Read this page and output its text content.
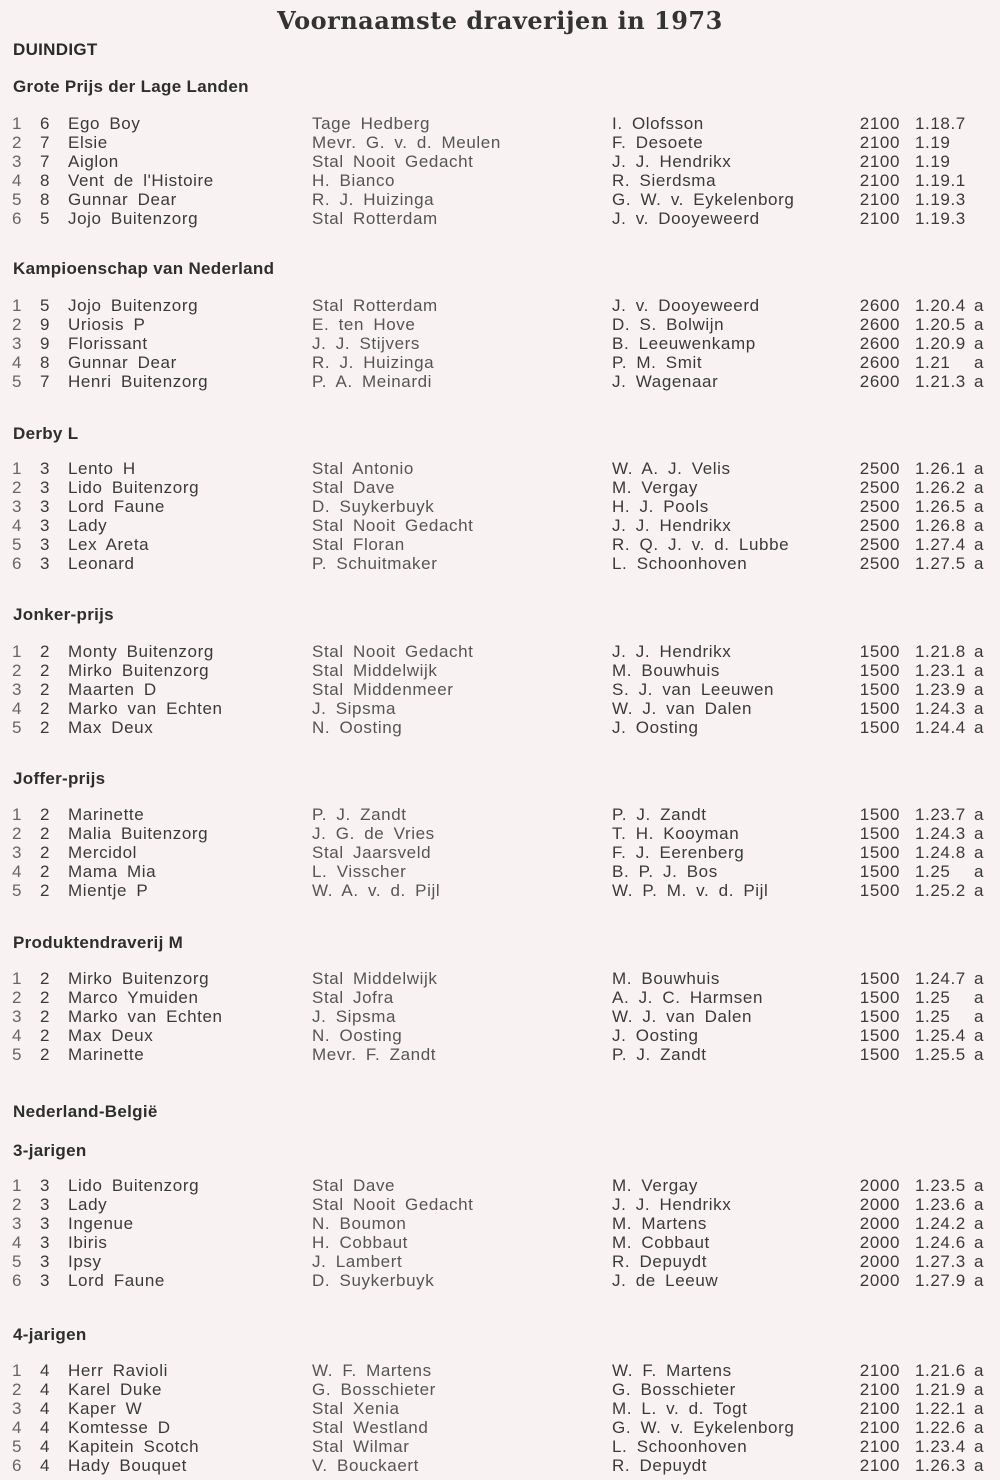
Voornaamste draverijen in 1973
DUINDIGT
Grote Prijs der Lage Landen
1 6 Ego Boy	Tage Hedberg	I. Olofsson	2100 1.18.7
2 7 Elsie	Mevr. G. v. d. Meulen	F. Desoete	2100 1.19
3 7 Aiglon	Stal Nooit Gedacht	J. J. Hendrikx	2100 1.19
4 8 Vent de l'Histoire	H. Bianco	R. Sierdsma	2100 1.19.1
5 8 Gunnar Dear	R. J. Huizinga	G. W. v. Eykelenborg	2100 1.19.3
6 5 Jojo Buitenzorg	Stal Rotterdam	J. v. Dooyeweerd	2100 1.19.3
Kampioenschap van Nederland
1 5 Jojo Buitenzorg	Stal Rotterdam	J. v. Dooyeweerd	2600 1.20.4 a
2 9 Uriosis P	E. ten Hove	D. S. Bolwijn	2600 1.20.5 a
3 9 Florissant	J. J. Stijvers	B. Leeuwenkamp	2600 1.20.9 a
4 8 Gunnar Dear	R. J. Huizinga	P. M. Smit	2600 1.21 a
5 7 Henri Buitenzorg	P. A. Meinardi	J. Wagenaar	2600 1.21.3 a
Derby L
1 3 Lento H	Stal Antonio	W. A. J. Velis	2500 1.26.1 a
2 3 Lido Buitenzorg	Stal Dave	M. Vergay	2500 1.26.2 a
3 3 Lord Faune	D. Suykerbuyk	H. J. Pools	2500 1.26.5 a
4 3 Lady	Stal Nooit Gedacht	J. J. Hendrikx	2500 1.26.8 a
5 3 Lex Areta	Stal Floran	R. Q. J. v. d. Lubbe	2500 1.27.4 a
6 3 Leonard	P. Schuitmaker	L. Schoonhoven	2500 1.27.5 a
Jonker-prijs
1 2 Monty Buitenzorg	Stal Nooit Gedacht	J. J. Hendrikx	1500 1.21.8 a
2 2 Mirko Buitenzorg	Stal Middelwijk	M. Bouwhuis	1500 1.23.1 a
3 2 Maarten D	Stal Middenmeer	S. J. van Leeuwen	1500 1.23.9 a
4 2 Marko van Echten	J. Sipsma	W. J. van Dalen	1500 1.24.3 a
5 2 Max Deux	N. Oosting	J. Oosting	1500 1.24.4 a
Joffer-prijs
1 2 Marinette	P. J. Zandt	P. J. Zandt	1500 1.23.7 a
2 2 Malia Buitenzorg	J. G. de Vries	T. H. Kooyman	1500 1.24.3 a
3 2 Mercidol	Stal Jaarsveld	F. J. Eerenberg	1500 1.24.8 a
4 2 Mama Mia	L. Visscher	B. P. J. Bos	1500 1.25 a
5 2 Mientje P	W. A. v. d. Pijl	W. P. M. v. d. Pijl	1500 1.25.2 a
Produktendraverij M
1 2 Mirko Buitenzorg	Stal Middelwijk	M. Bouwhuis	1500 1.24.7 a
2 2 Marco Ymuiden	Stal Jofra	A. J. C. Harmsen	1500 1.25 a
3 2 Marko van Echten	J. Sipsma	W. J. van Dalen	1500 1.25 a
4 2 Max Deux	N. Oosting	J. Oosting	1500 1.25.4 a
5 2 Marinette	Mevr. F. Zandt	P. J. Zandt	1500 1.25.5 a
Nederland-België
3-jarigen
1 3 Lido Buitenzorg	Stal Dave	M. Vergay	2000 1.23.5 a
2 3 Lady	Stal Nooit Gedacht	J. J. Hendrikx	2000 1.23.6 a
3 3 Ingenue	N. Boumon	M. Martens	2000 1.24.2 a
4 3 Ibiris	H. Cobbaut	M. Cobbaut	2000 1.24.6 a
5 3 Ipsy	J. Lambert	R. Depuydt	2000 1.27.3 a
6 3 Lord Faune	D. Suykerbuyk	J. de Leeuw	2000 1.27.9 a
4-jarigen
1 4 Herr Ravioli	W. F. Martens	W. F. Martens	2100 1.21.6 a
2 4 Karel Duke	G. Bosschieter	G. Bosschieter	2100 1.21.9 a
3 4 Kaper W	Stal Xenia	M. L. v. d. Togt	2100 1.22.1 a
4 4 Komtesse D	Stal Westland	G. W. v. Eykelenborg	2100 1.22.6 a
5 4 Kapitein Scotch	Stal Wilmar	L. Schoonhoven	2100 1.23.4 a
6 4 Hady Bouquet	V. Bouckaert	R. Depuydt	2100 1.26.3 a
